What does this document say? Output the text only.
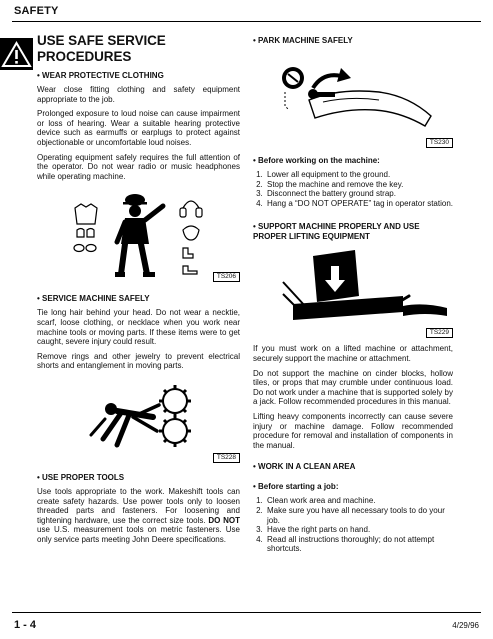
SAFETY
USE SAFE SERVICE PROCEDURES
• WEAR PROTECTIVE CLOTHING

Wear close fitting clothing and safety equipment appropriate to the job.

Prolonged exposure to loud noise can cause impairment or loss of hearing. Wear a suitable hearing protective device such as earmuffs or earplugs to protect against objectionable or uncomfortable loud noises.

Operating equipment safely requires the full attention of the operator. Do not wear radio or music headphones while operating machine.

TS206
• SERVICE MACHINE SAFELY

Tie long hair behind your head. Do not wear a necktie, scarf, loose clothing, or necklace when you work near machine tools or moving parts. If these items were to get caught, severe injury could result.

Remove rings and other jewelry to prevent electrical shorts and entanglement in moving parts.

TS228
• USE PROPER TOOLS

Use tools appropriate to the work. Makeshift tools can create safety hazards. Use power tools only to loosen threaded parts and fasteners. For loosening and tightening hardware, use the correct size tools. DO NOT use U.S. measurement tools on metric fasteners. Use only service parts meeting John Deere specifications.

• PARK MACHINE SAFELY
TS230
• Before working on the machine:
1. Lower all equipment to the ground.
2. Stop the machine and remove the key.
3. Disconnect the battery ground strap.
4. Hang a “DO NOT OPERATE” tag in operator station.
• SUPPORT MACHINE PROPERLY AND USE PROPER LIFTING EQUIPMENT
TS229

If you must work on a lifted machine or attachment, securely support the machine or attachment.

Do not support the machine on cinder blocks, hollow tiles, or props that may crumble under continuous load. Do not work under a machine that is supported solely by a jack. Follow recommended procedures in this manual.

Lifting heavy components incorrectly can cause severe injury or machine damage. Follow recommended procedure for removal and installation of components in the manual.

• WORK IN A CLEAN AREA
• Before starting a job:
1. Clean work area and machine.
2. Make sure you have all necessary tools to do your job.
3. Have the right parts on hand.
4. Read all instructions thoroughly; do not attempt shortcuts.
1 - 4	4/29/96
